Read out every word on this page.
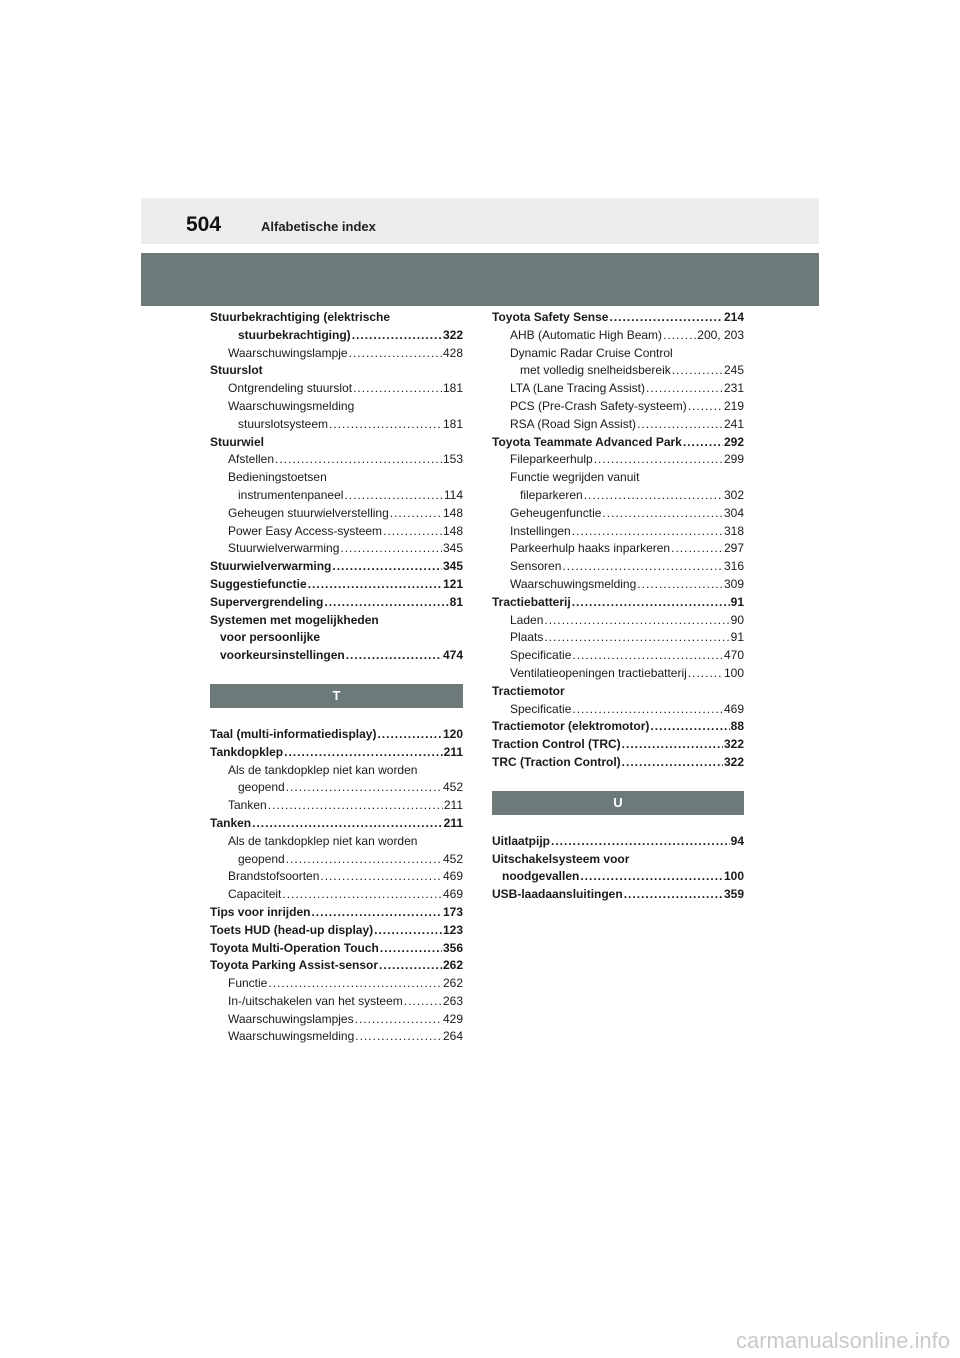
504	Alfabetische index
Stuurbekrachtiging (elektrische
stuurbekrachtiging) .....	322
Waarschuwingslampje .....	428
Stuurslot
Ontgrendeling stuurslot .....	181
Waarschuwingsmelding
stuurslotsysteem .....	181
Stuurwiel
Afstellen .....	153
Bedieningstoetsen
instrumentenpaneel .....	114
Geheugen stuurwielverstelling .....	148
Power Easy Access-systeem .....	148
Stuurwielverwarming .....	345
Stuurwielverwarming .....	345
Suggestiefunctie .....	121
Supervergrendeling .....	81
Systemen met mogelijkheden
voor persoonlijke
voorkeursinstellingen .....	474
T
Taal (multi-informatiedisplay) .....	120
Tankdopklep .....	211
Als de tankdopklep niet kan worden
geopend .....	452
Tanken .....	211
Tanken .....	211
Als de tankdopklep niet kan worden
geopend .....	452
Brandstofsoorten .....	469
Capaciteit .....	469
Tips voor inrijden .....	173
Toets HUD (head-up display) .....	123
Toyota Multi-Operation Touch .....	356
Toyota Parking Assist-sensor .....	262
Functie .....	262
In-/uitschakelen van het systeem .....	263
Waarschuwingslampjes .....	429
Waarschuwingsmelding .....	264
Toyota Safety Sense .....	214
AHB (Automatic High Beam) .....	200, 203
Dynamic Radar Cruise Control
met volledig snelheidsbereik .....	245
LTA (Lane Tracing Assist) .....	231
PCS (Pre-Crash Safety-systeem) .....	219
RSA (Road Sign Assist) .....	241
Toyota Teammate Advanced Park .....	292
Fileparkeerhulp .....	299
Functie wegrijden vanuit
fileparkeren .....	302
Geheugenfunctie .....	304
Instellingen .....	318
Parkeerhulp haaks inparkeren .....	297
Sensoren .....	316
Waarschuwingsmelding .....	309
Tractiebatterij .....	91
Laden .....	90
Plaats .....	91
Specificatie .....	470
Ventilatieopeningen tractiebatterij .....	100
Tractiemotor
Specificatie .....	469
Tractiemotor (elektromotor) .....	88
Traction Control (TRC) .....	322
TRC (Traction Control) .....	322
U
Uitlaatpijp .....	94
Uitschakelsysteem voor
noodgevallen .....	100
USB-laadaansluitingen .....	359
carmanualsonline.info
